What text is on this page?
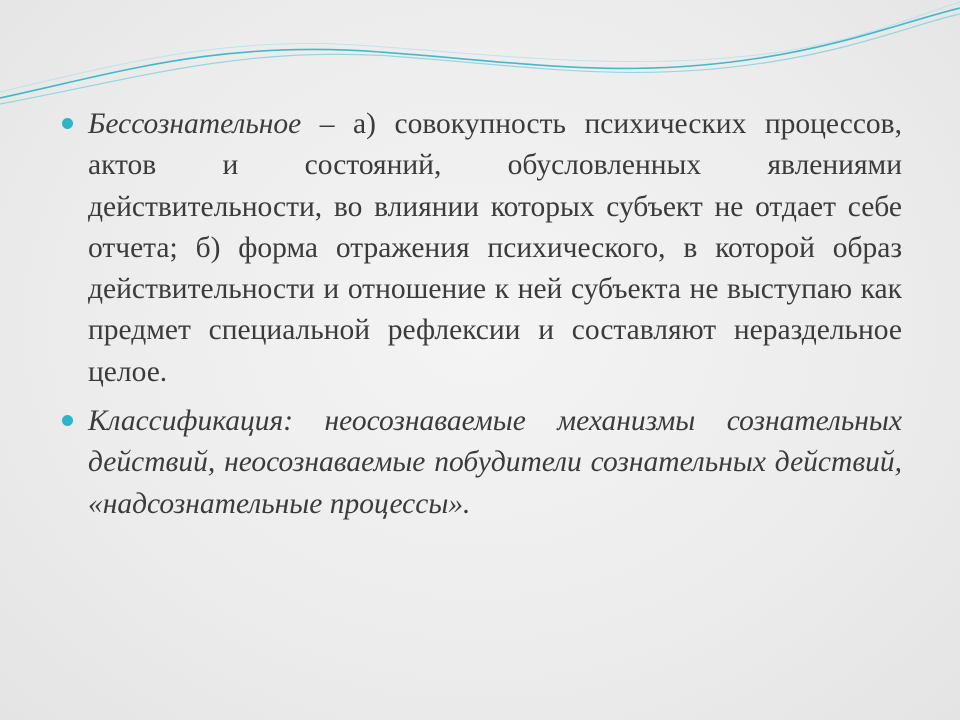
Бессознательное – а) совокупность психических процессов, актов и состояний, обусловленных явлениями действительности, во влиянии которых субъект не отдает себе отчета; б) форма отражения психического, в которой образ действительности и отношение к ней субъекта не выступаю как предмет специальной рефлексии и составляют нераздельное целое.

Классификация: неосознаваемые механизмы сознательных действий, неосознаваемые побудители сознательных действий, «надсознательные процессы».
